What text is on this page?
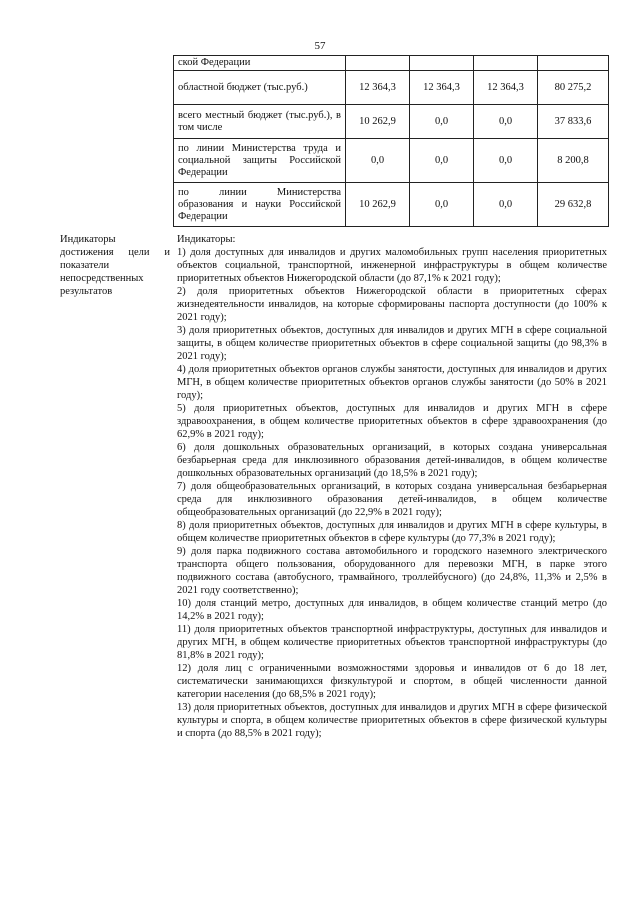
57
ской Федерации				
областной бюджет (тыс.руб.)	12 364,3	12 364,3	12 364,3	80 275,2
всего местный бюджет (тыс.руб.), в том числе	10 262,9	0,0	0,0	37 833,6
по линии Министерства труда и социальной защиты Российской Федерации	0,0	0,0	0,0	8 200,8
по линии Министерства образования и науки Российской Федерации	10 262,9	0,0	0,0	29 632,8
Индикаторы достижения цели и показатели непосредственных результатов

Индикаторы:

1) доля доступных для инвалидов и других маломобильных групп населения приоритетных объектов социальной, транспортной, инженерной инфраструктуры в общем количестве приоритетных объектов Нижегородской области (до 87,1% к 2021 году);

2) доля приоритетных объектов Нижегородской области в приоритетных сферах жизнедеятельности инвалидов, на которые сформированы паспорта доступности (до 100% к 2021 году);

3) доля приоритетных объектов, доступных для инвалидов и других МГН в сфере социальной защиты, в общем количестве приоритетных объектов в сфере социальной защиты (до 98,3% в 2021 году);

4) доля приоритетных объектов органов службы занятости, доступных для инвалидов и других МГН, в общем количестве приоритетных объектов органов службы занятости (до 50% в 2021 году);

5) доля приоритетных объектов, доступных для инвалидов и других МГН в сфере здравоохранения, в общем количестве приоритетных объектов в сфере здравоохранения (до 62,9% в 2021 году);

6) доля дошкольных образовательных организаций, в которых создана универсальная безбарьерная среда для инклюзивного образования детей-инвалидов, в общем количестве дошкольных образовательных организаций (до 18,5% в 2021 году);

7) доля общеобразовательных организаций, в которых создана универсальная безбарьерная среда для инклюзивного образования детей-инвалидов, в общем количестве общеобразовательных организаций (до 22,9% в 2021 году);

8) доля приоритетных объектов, доступных для инвалидов и других МГН в сфере культуры, в общем количестве приоритетных объектов в сфере культуры (до 77,3% в 2021 году);

9) доля парка подвижного состава автомобильного и городского наземного электрического транспорта общего пользования, оборудованного для перевозки МГН, в парке этого подвижного состава (автобусного, трамвайного, троллейбусного) (до 24,8%, 11,3% и 2,5% в 2021 году соответственно);

10) доля станций метро, доступных для инвалидов, в общем количестве станций метро (до 14,2% в 2021 году);

11) доля приоритетных объектов транспортной инфраструктуры, доступных для инвалидов и других МГН, в общем количестве приоритетных объектов транспортной инфраструктуры (до 81,8% в 2021 году);

12) доля лиц с ограниченными возможностями здоровья и инвалидов от 6 до 18 лет, систематически занимающихся физкультурой и спортом, в общей численности данной категории населения (до 68,5% в 2021 году);

13) доля приоритетных объектов, доступных для инвалидов и других МГН в сфере физической культуры и спорта, в общем количестве приоритетных объектов в сфере физической культуры и спорта (до 88,5% в 2021 году);
